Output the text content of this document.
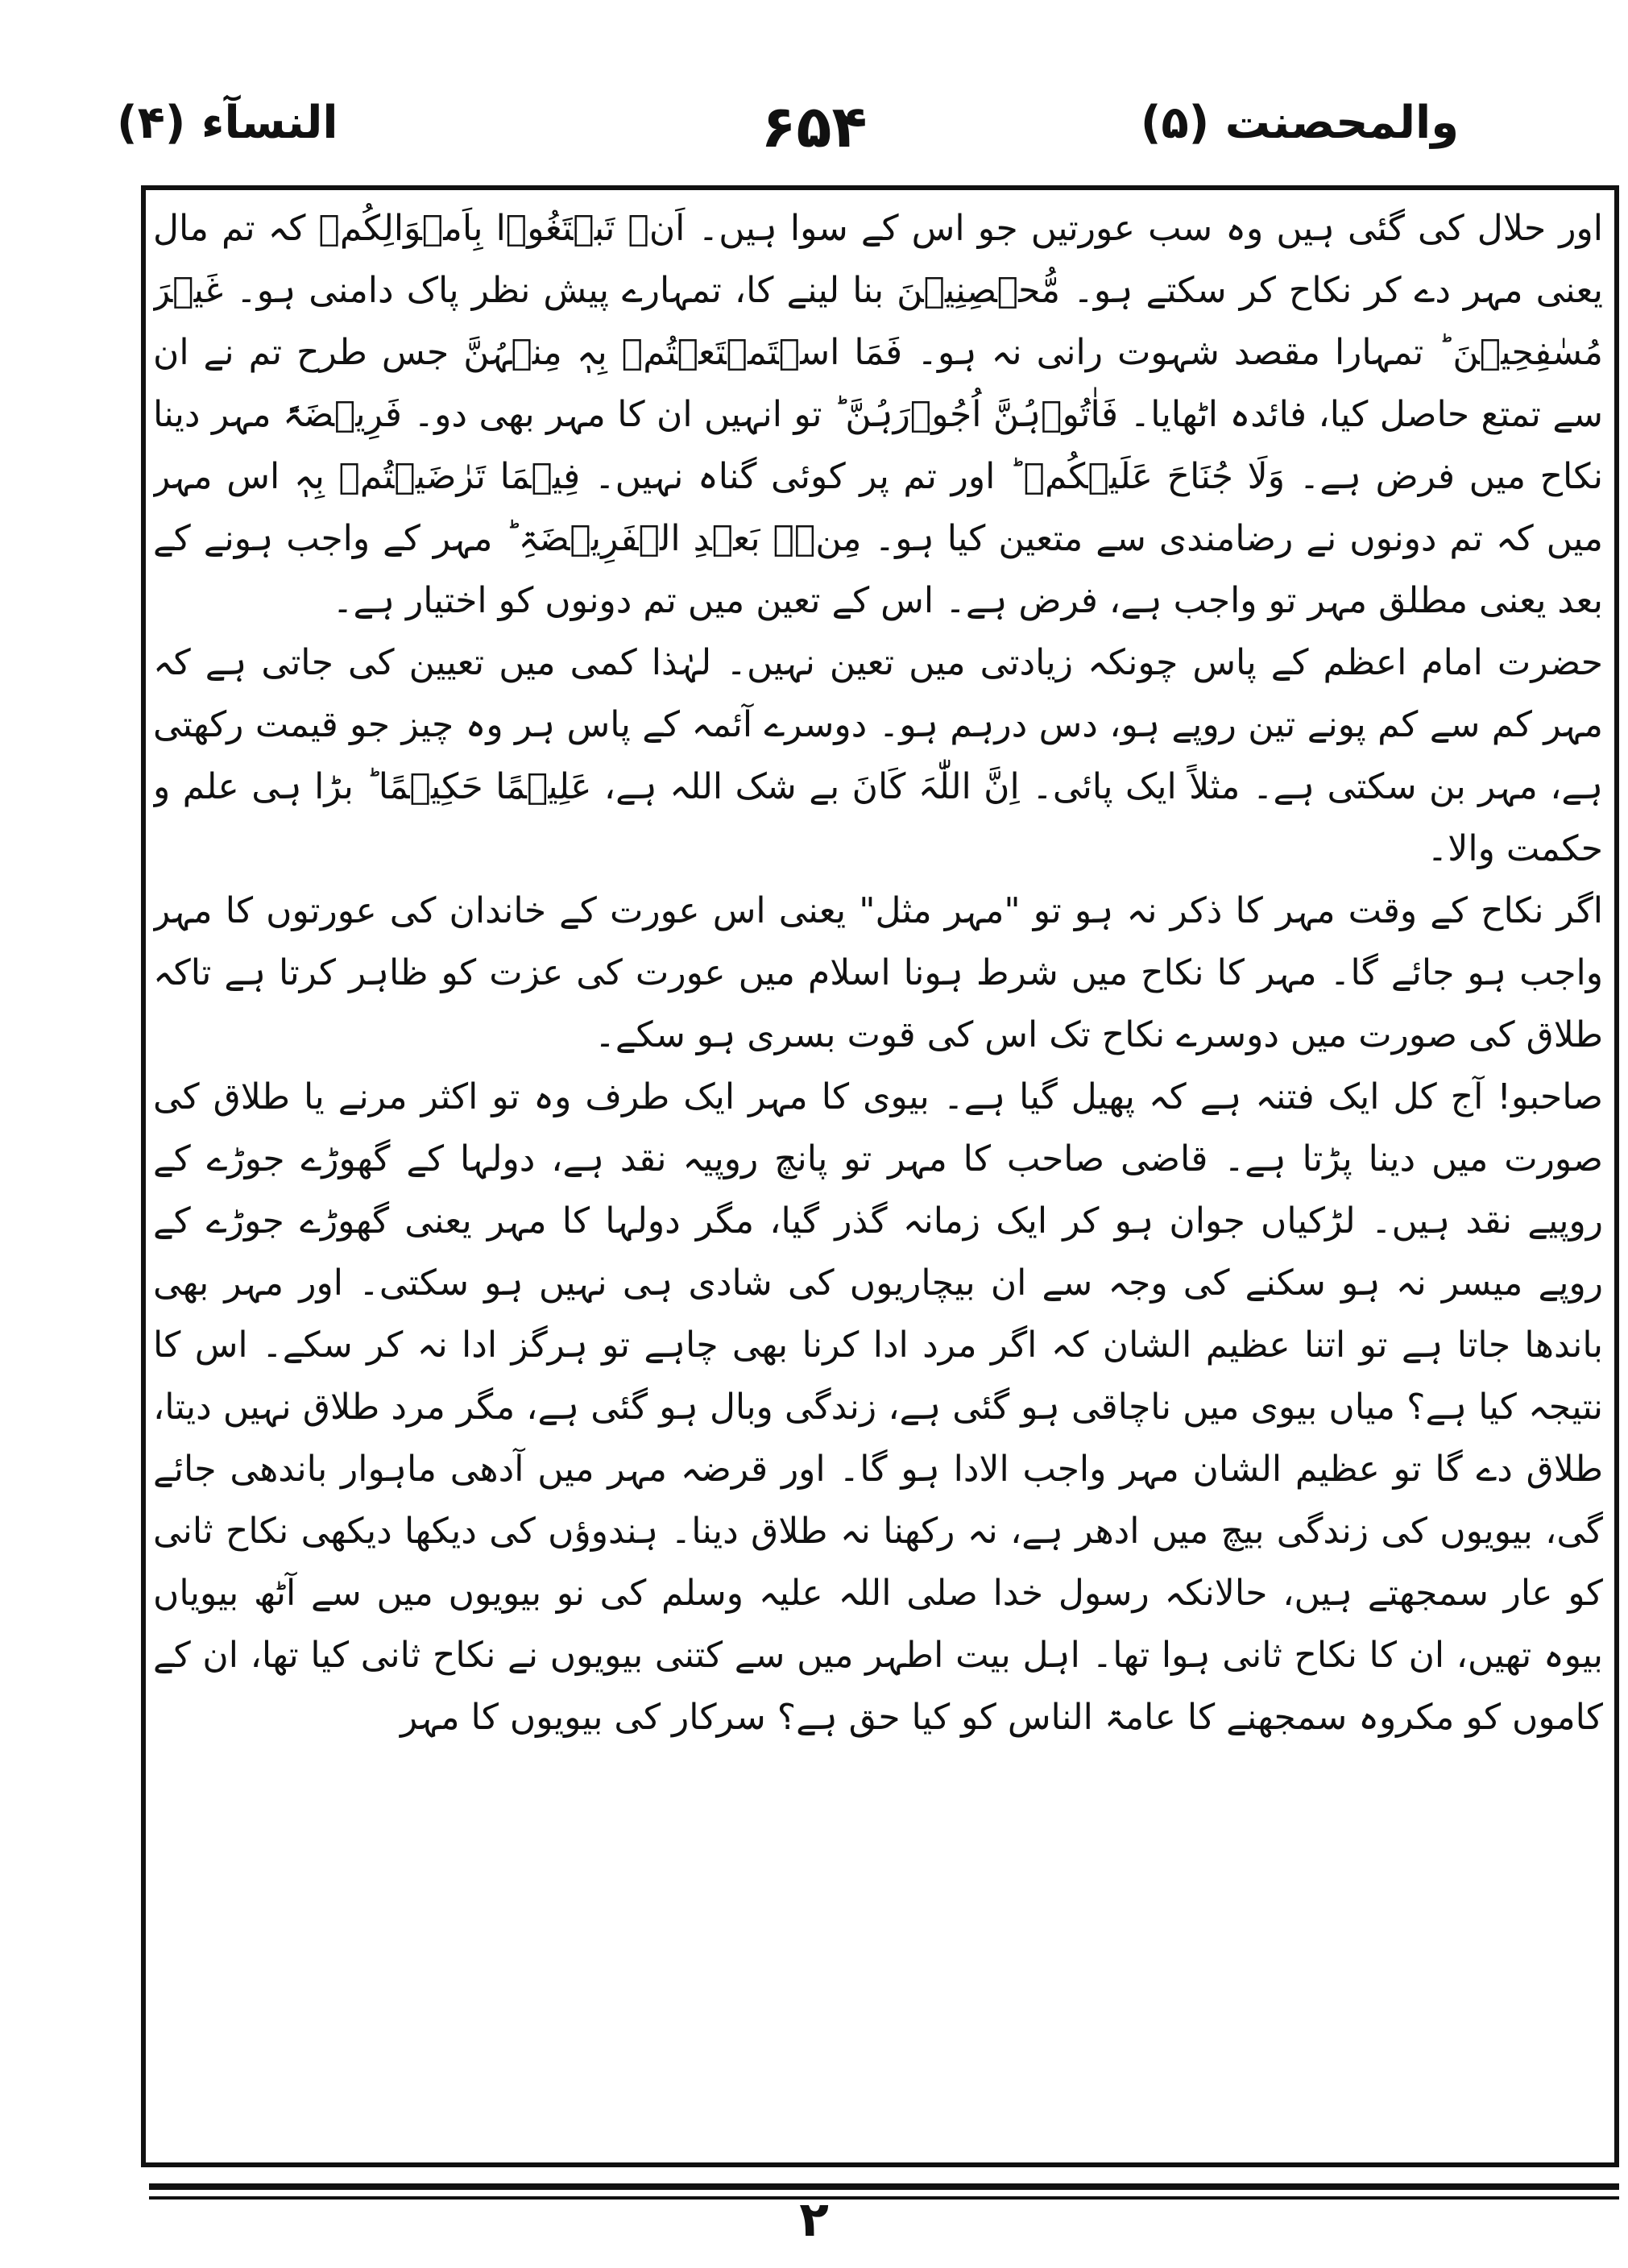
والمحصنت (۵)
۶۵۴
النسآء (۴)

اور حلال کی گئی ہیں وہ سب عورتیں جو اس کے سوا ہیں۔ اَنۡ تَبۡتَغُوۡا بِاَمۡوَالِکُمۡ کہ تم مال یعنی مہر دے کر نکاح کر سکتے ہو۔ مُّحۡصِنِیۡنَ بنا لینے کا، تمہارے پیش نظر پاک دامنی ہو۔ غَیۡرَ مُسٰفِحِیۡنَ ؕ تمہارا مقصد شہوت رانی نہ ہو۔ فَمَا اسۡتَمۡتَعۡتُمۡ بِہٖ مِنۡہُنَّ جس طرح تم نے ان سے تمتع حاصل کیا، فائدہ اٹھایا۔ فَاٰتُوۡہُنَّ اُجُوۡرَہُنَّ ؕ تو انہیں ان کا مہر بھی دو۔ فَرِیۡضَۃً مہر دینا نکاح میں فرض ہے۔ وَلَا جُنَاحَ عَلَیۡکُمۡ ؕ اور تم پر کوئی گناہ نہیں۔ فِیۡمَا تَرٰضَیۡتُمۡ بِہٖ اس مہر میں کہ تم دونوں نے رضامندی سے متعین کیا ہو۔ مِنۡۢ بَعۡدِ الۡفَرِیۡضَۃِ ؕ مہر کے واجب ہونے کے بعد یعنی مطلق مہر تو واجب ہے، فرض ہے۔ اس کے تعین میں تم دونوں کو اختیار ہے۔

حضرت امام اعظم کے پاس چونکہ زیادتی میں تعین نہیں۔ لہٰذا کمی میں تعیین کی جاتی ہے کہ مہر کم سے کم پونے تین روپے ہو، دس درہم ہو۔ دوسرے آئمہ کے پاس ہر وہ چیز جو قیمت رکھتی ہے، مہر بن سکتی ہے۔ مثلاً ایک پائی۔ اِنَّ اللّٰہَ کَانَ بے شک اللہ ہے، عَلِیۡمًا حَکِیۡمًا ؕ بڑا ہی علم و حکمت والا۔

اگر نکاح کے وقت مہر کا ذکر نہ ہو تو "مہر مثل" یعنی اس عورت کے خاندان کی عورتوں کا مہر واجب ہو جائے گا۔ مہر کا نکاح میں شرط ہونا اسلام میں عورت کی عزت کو ظاہر کرتا ہے تاکہ طلاق کی صورت میں دوسرے نکاح تک اس کی قوت بسری ہو سکے۔

صاحبو! آج کل ایک فتنہ ہے کہ پھیل گیا ہے۔ بیوی کا مہر ایک طرف وہ تو اکثر مرنے یا طلاق کی صورت میں دینا پڑتا ہے۔ قاضی صاحب کا مہر تو پانچ روپیہ نقد ہے، دولہا کے گھوڑے جوڑے کے روپیے نقد ہیں۔ لڑکیاں جوان ہو کر ایک زمانہ گذر گیا، مگر دولہا کا مہر یعنی گھوڑے جوڑے کے روپے میسر نہ ہو سکنے کی وجہ سے ان بیچاریوں کی شادی ہی نہیں ہو سکتی۔ اور مہر بھی باندھا جاتا ہے تو اتنا عظیم الشان کہ اگر مرد ادا کرنا بھی چاہے تو ہرگز ادا نہ کر سکے۔ اس کا نتیجہ کیا ہے؟ میاں بیوی میں ناچاقی ہو گئی ہے، زندگی وبال ہو گئی ہے، مگر مرد طلاق نہیں دیتا، طلاق دے گا تو عظیم الشان مہر واجب الادا ہو گا۔ اور قرضہ مہر میں آدھی ماہوار باندھی جائے گی، بیویوں کی زندگی بیچ میں ادھر ہے، نہ رکھنا نہ طلاق دینا۔ ہندوؤں کی دیکھا دیکھی نکاح ثانی کو عار سمجھتے ہیں، حالانکہ رسول خدا صلی اللہ علیہ وسلم کی نو بیویوں میں سے آٹھ بیویاں بیوہ تھیں، ان کا نکاح ثانی ہوا تھا۔ اہل بیت اطہر میں سے کتنی بیویوں نے نکاح ثانی کیا تھا، ان کے کاموں کو مکروہ سمجھنے کا عامۃ الناس کو کیا حق ہے؟ سرکار کی بیویوں کا مہر

۲
